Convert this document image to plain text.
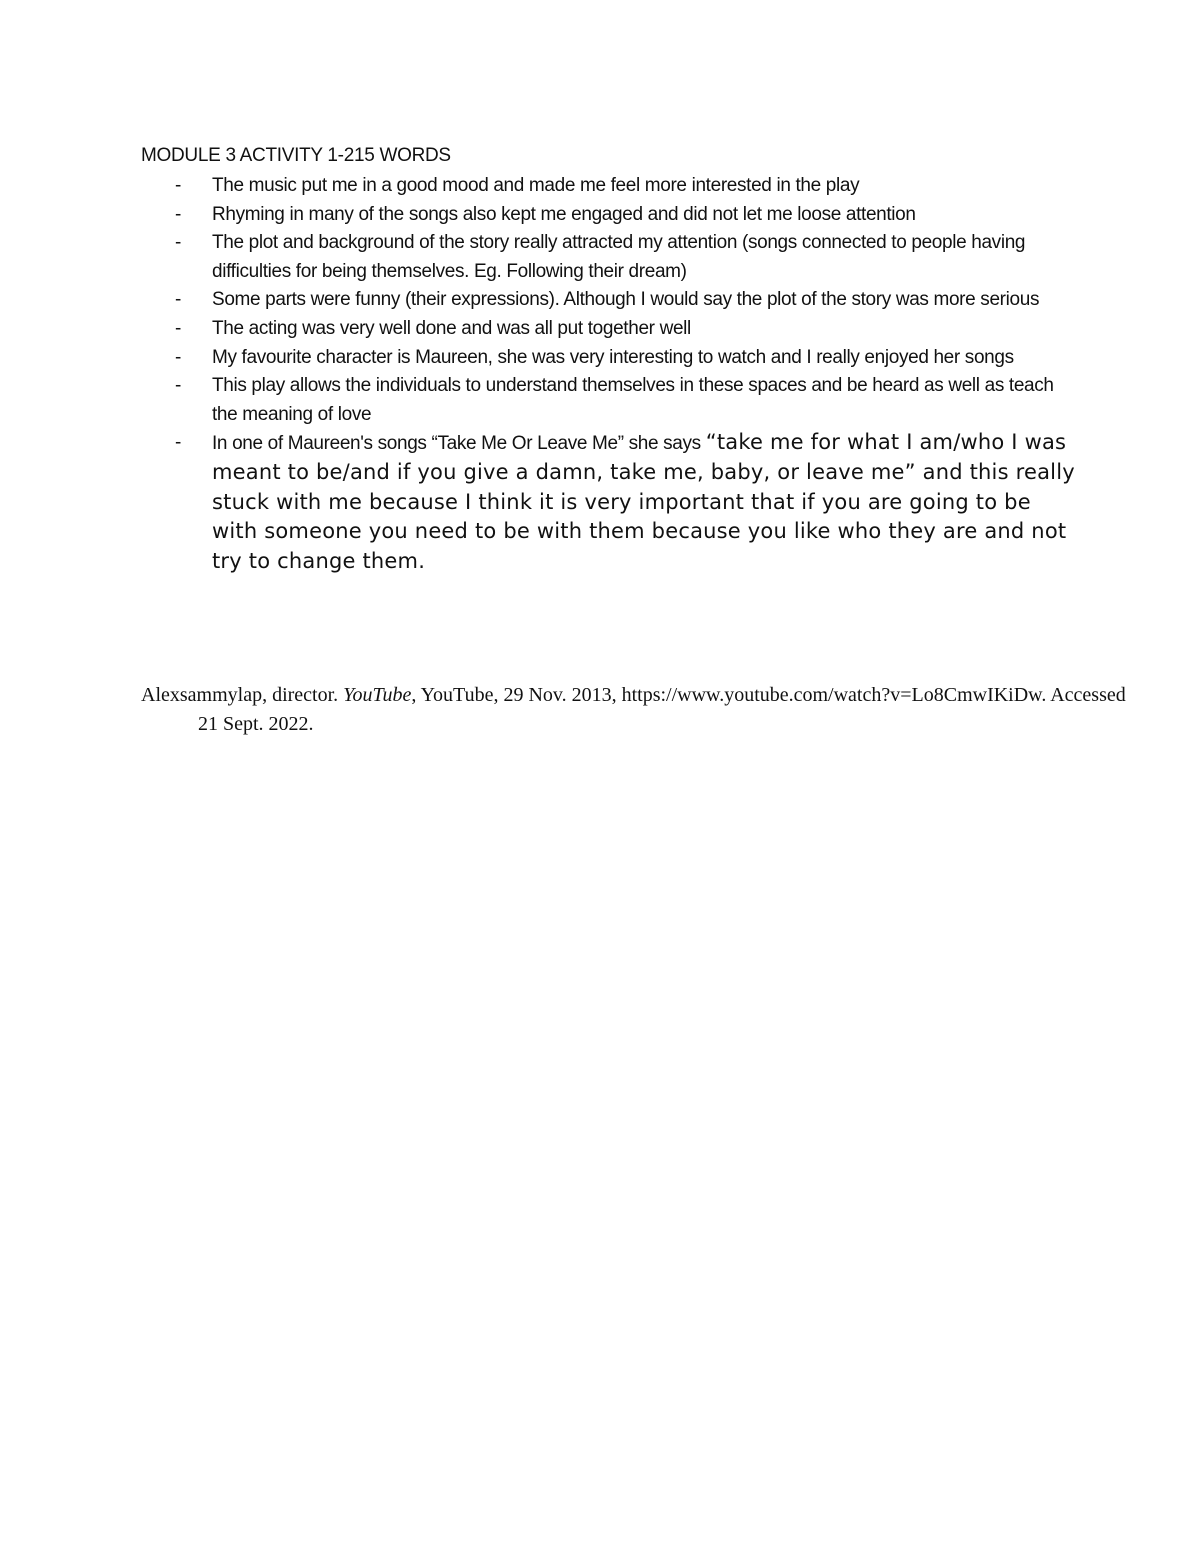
MODULE 3 ACTIVITY 1-215 WORDS
- The music put me in a good mood and made me feel more interested in the play
- Rhyming in many of the songs also kept me engaged and did not let me loose attention
- The plot and background of the story really attracted my attention (songs connected to people having difficulties for being themselves. Eg. Following their dream)
- Some parts were funny (their expressions). Although I would say the plot of the story was more serious
- The acting was very well done and was all put together well
- My favourite character is Maureen, she was very interesting to watch and I really enjoyed her songs
- This play allows the individuals to understand themselves in these spaces and be heard as well as teach the meaning of love
- In one of Maureen's songs “Take Me Or Leave Me” she says “take me for what I am/who I was meant to be/and if you give a damn, take me, baby, or leave me” and this really stuck with me because I think it is very important that if you are going to be with someone you need to be with them because you like who they are and not try to change them.
Alexsammylap, director. YouTube, YouTube, 29 Nov. 2013, https://www.youtube.com/watch?v=Lo8CmwIKiDw. Accessed 21 Sept. 2022.
